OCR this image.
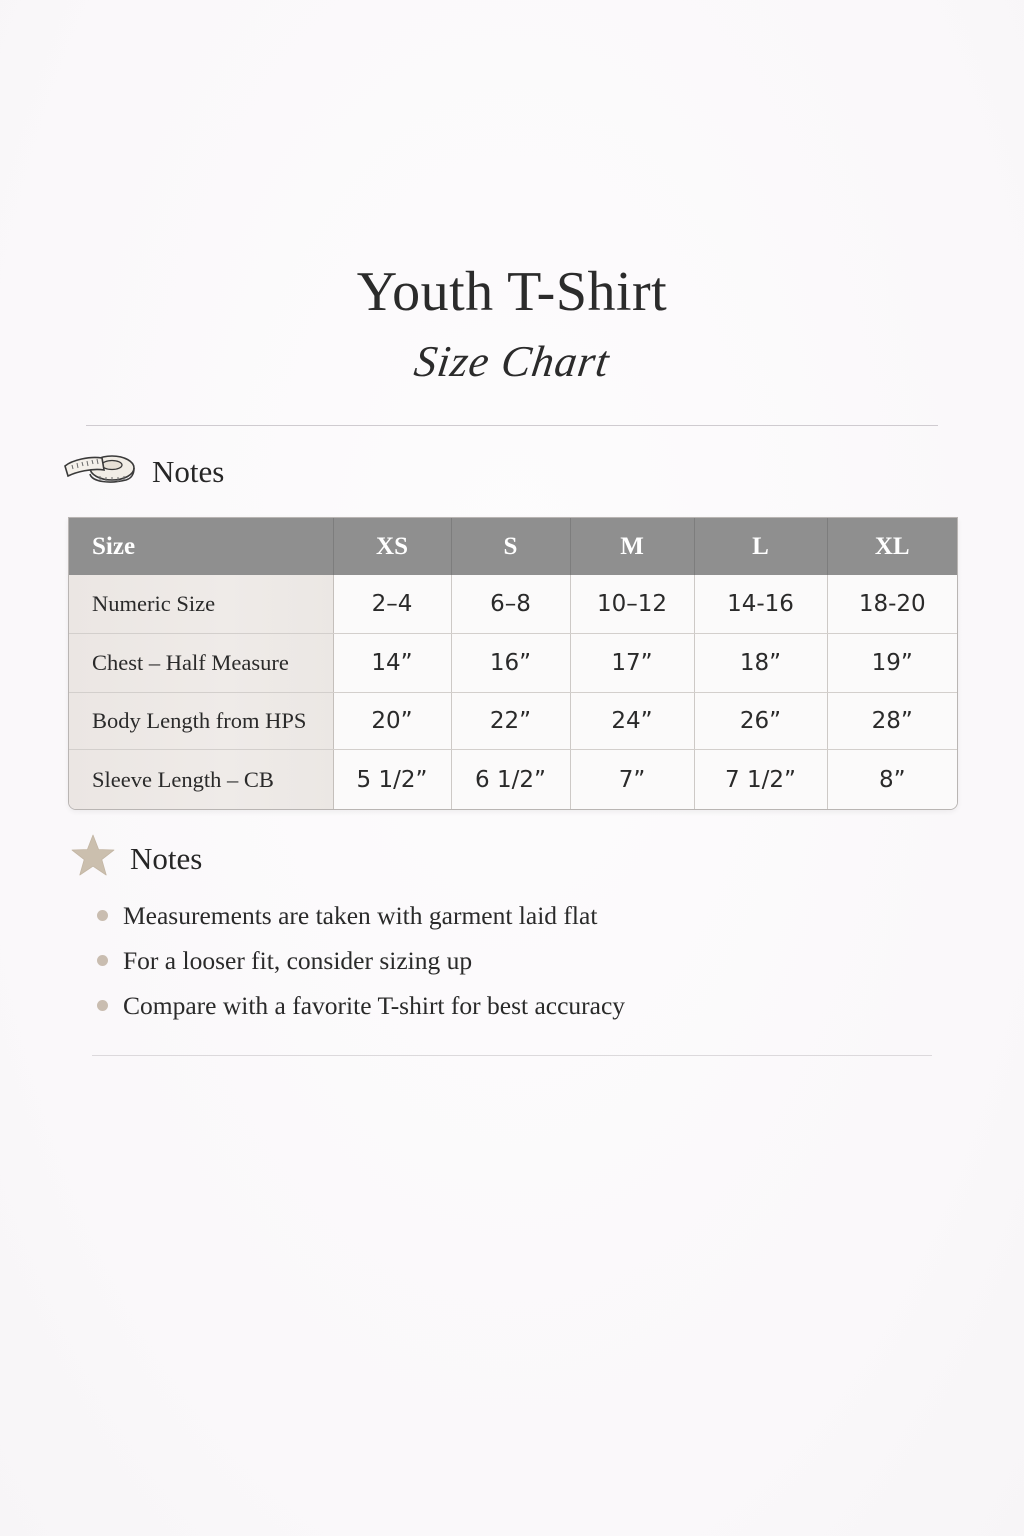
Youth T-Shirt
Size Chart
Notes
Size	XS	S	M	L	XL
Numeric Size	2–4	6–8	10–12	14-16	18-20
Chest – Half Measure	14”	16”	17”	18”	19”
Body Length from HPS	20”	22”	24”	26”	28”
Sleeve Length – CB	5 1/2”	6 1/2”	7”	7 1/2”	8”
Notes
Measurements are taken with garment laid flat
For a looser fit, consider sizing up
Compare with a favorite T-shirt for best accuracy
